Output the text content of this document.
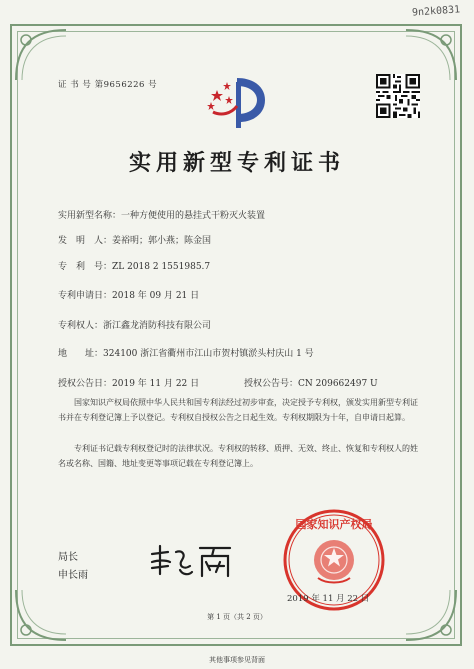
9n2k0831
证 书 号 第9656226 号
实用新型专利证书
实用新型名称：一种方便使用的悬挂式干粉灭火装置
发　明　人：姜裕明；郭小燕；陈金国
专　利　号：ZL 2018 2 1551985.7
专利申请日：2018 年 09 月 21 日
专利权人：浙江鑫龙消防科技有限公司
地　　址：324100 浙江省衢州市江山市贺村镇淤头村庆山 1 号
授权公告日：2019 年 11 月 22 日	授权公告号：CN 209662497 U
国家知识产权局依照中华人民共和国专利法经过初步审查，决定授予专利权，颁发实用新型专利证书并在专利登记簿上予以登记。专利权自授权公告之日起生效。专利权期限为十年，自申请日起算。
专利证书记载专利权登记时的法律状况。专利权的转移、质押、无效、终止、恢复和专利权人的姓名或名称、国籍、地址变更等事项记载在专利登记簿上。
局长
申长雨
国家知识产权局
2019 年 11 月 22 日
第 1 页（共 2 页）
其他事项参见背面
